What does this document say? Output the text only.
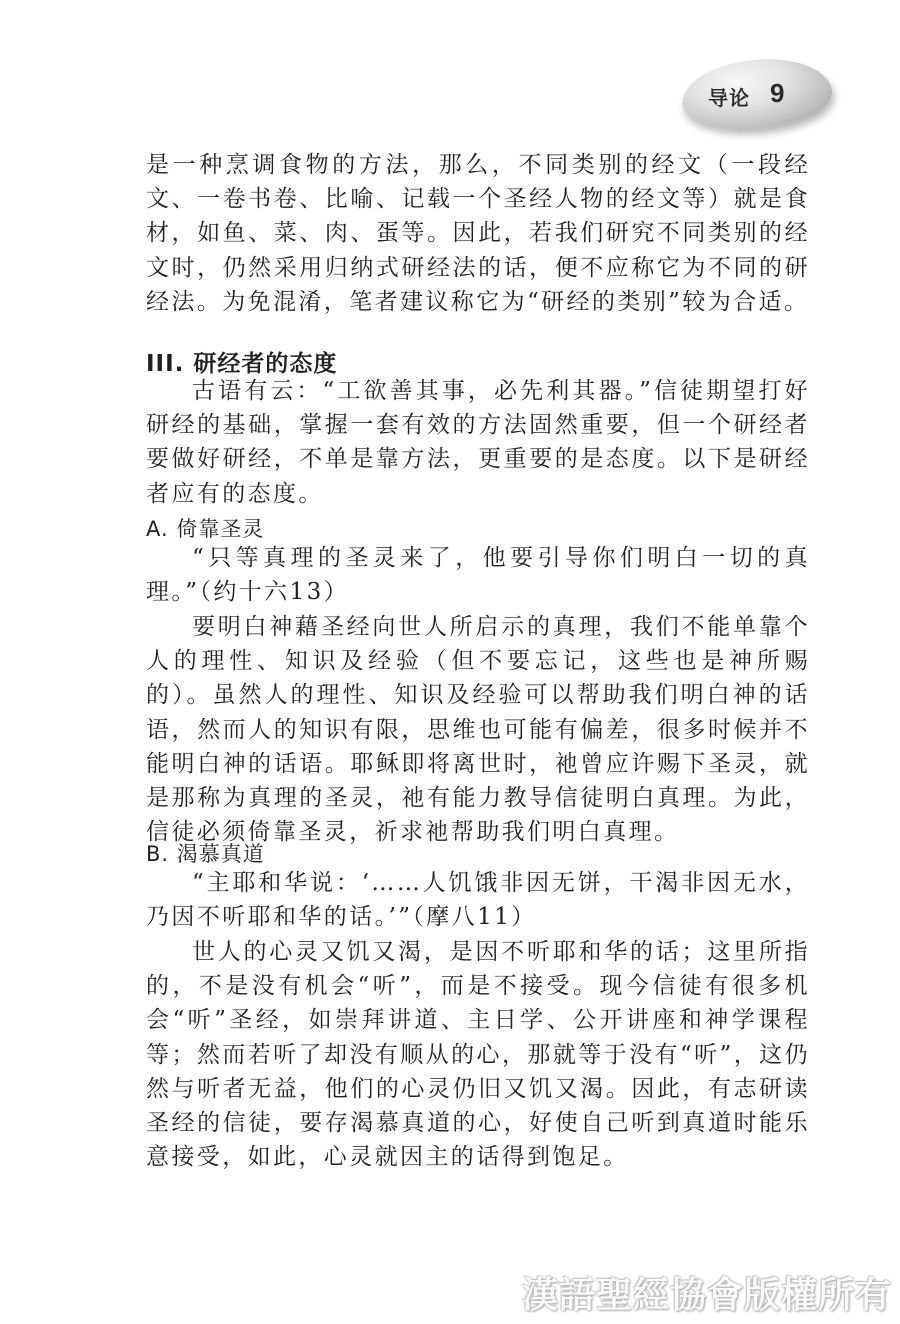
导论 9

是一种烹调食物的方法，那么，不同类别的经文（一段经文、一卷书卷、比喻、记载一个圣经人物的经文等）就是食材，如鱼、菜、肉、蛋等。因此，若我们研究不同类别的经文时，仍然采用归纳式研经法的话，便不应称它为不同的研经法。为免混淆，笔者建议称它为“研经的类别”较为合适。

III. 研经者的态度

古语有云：“工欲善其事，必先利其器。”信徒期望打好研经的基础，掌握一套有效的方法固然重要，但一个研经者要做好研经，不单是靠方法，更重要的是态度。以下是研经者应有的态度。

A. 倚靠圣灵

“只等真理的圣灵来了，他要引导你们明白一切的真理。”（约十六13）

要明白神藉圣经向世人所启示的真理，我们不能单靠个人的理性、知识及经验（但不要忘记，这些也是神所赐的）。虽然人的理性、知识及经验可以帮助我们明白神的话语，然而人的知识有限，思维也可能有偏差，很多时候并不能明白神的话语。耶稣即将离世时，祂曾应许赐下圣灵，就是那称为真理的圣灵，祂有能力教导信徒明白真理。为此，信徒必须倚靠圣灵，祈求祂帮助我们明白真理。

B. 渴慕真道

“主耶和华说：‘……人饥饿非因无饼，干渴非因无水，乃因不听耶和华的话。’”（摩八11）

世人的心灵又饥又渴，是因不听耶和华的话；这里所指的，不是没有机会“听”，而是不接受。现今信徒有很多机会“听”圣经，如崇拜讲道、主日学、公开讲座和神学课程等；然而若听了却没有顺从的心，那就等于没有“听”，这仍然与听者无益，他们的心灵仍旧又饥又渴。因此，有志研读圣经的信徒，要存渴慕真道的心，好使自己听到真道时能乐意接受，如此，心灵就因主的话得到饱足。

漢語聖經協會版權所有
